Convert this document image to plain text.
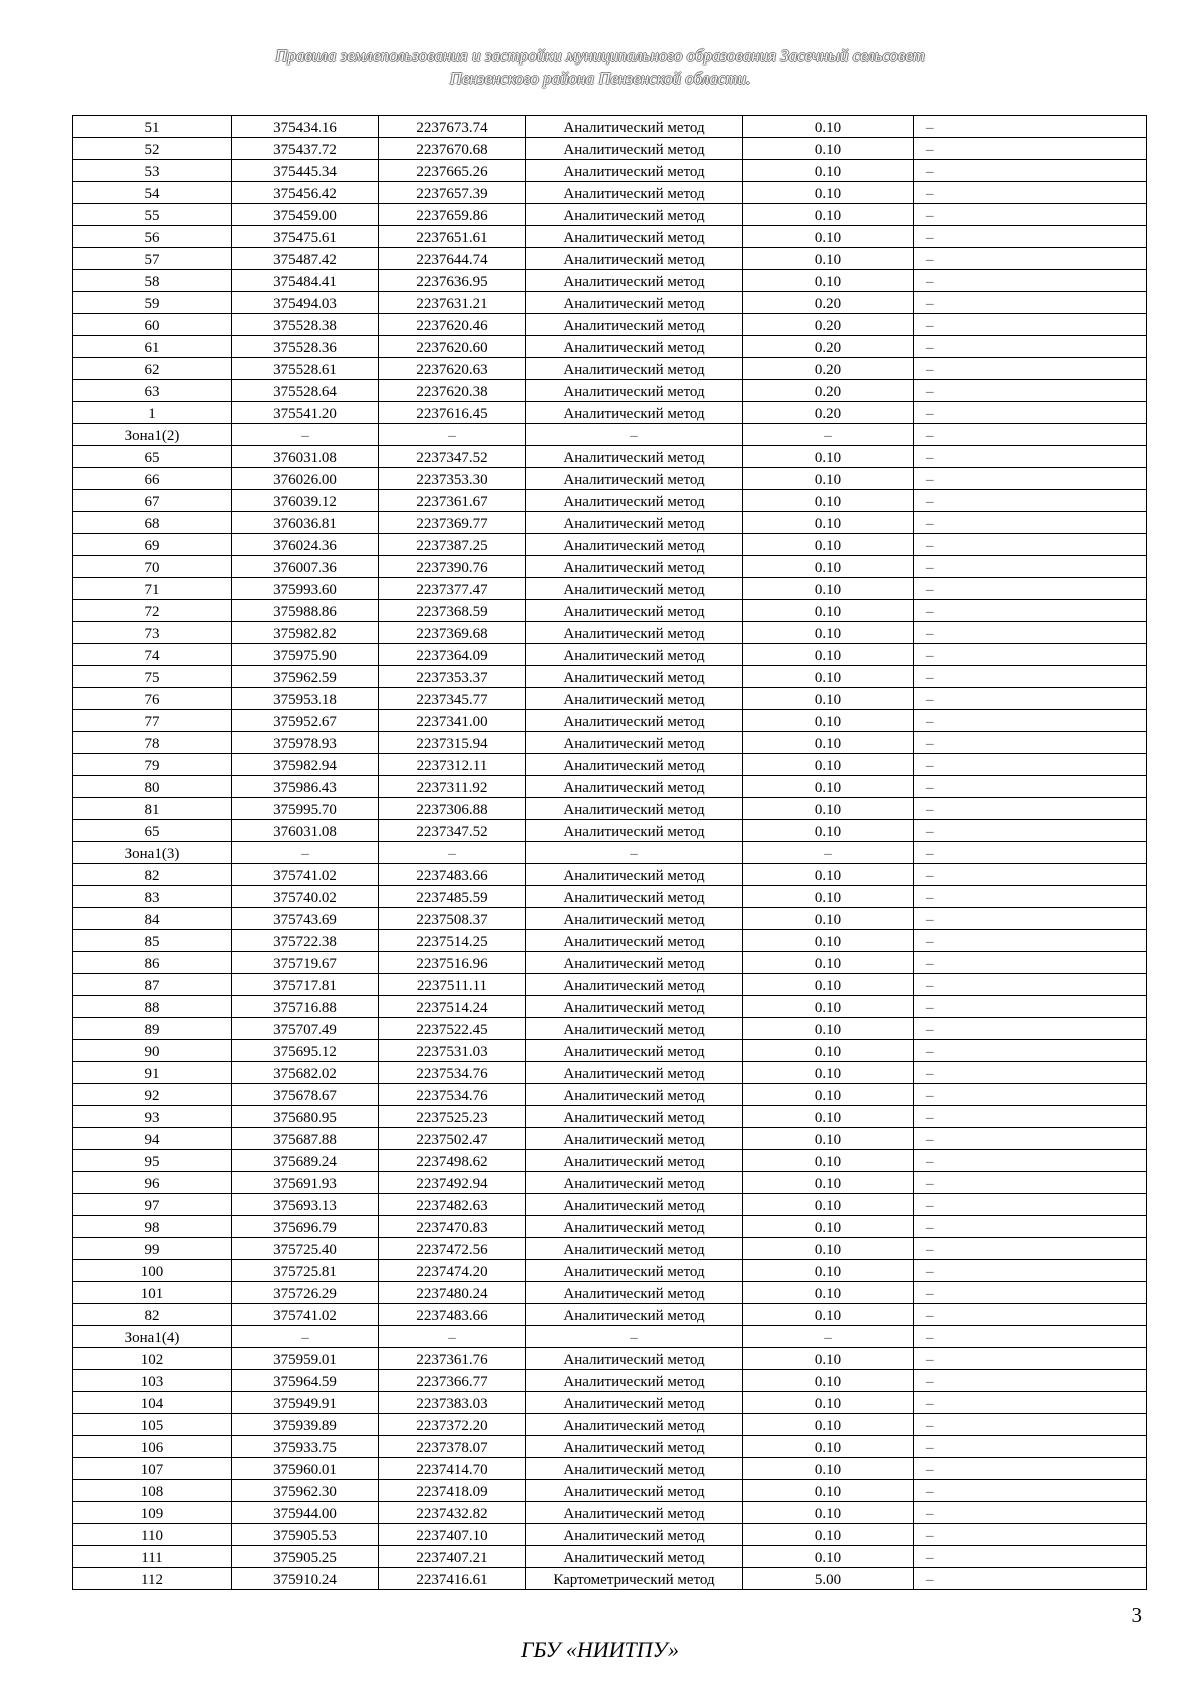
Правила землепользования и застройки муниципального образования Засечный сельсовет
Пензенского района Пензенской области.
51	375434.16	2237673.74	Аналитический метод	0.10	–
52	375437.72	2237670.68	Аналитический метод	0.10	–
53	375445.34	2237665.26	Аналитический метод	0.10	–
54	375456.42	2237657.39	Аналитический метод	0.10	–
55	375459.00	2237659.86	Аналитический метод	0.10	–
56	375475.61	2237651.61	Аналитический метод	0.10	–
57	375487.42	2237644.74	Аналитический метод	0.10	–
58	375484.41	2237636.95	Аналитический метод	0.10	–
59	375494.03	2237631.21	Аналитический метод	0.20	–
60	375528.38	2237620.46	Аналитический метод	0.20	–
61	375528.36	2237620.60	Аналитический метод	0.20	–
62	375528.61	2237620.63	Аналитический метод	0.20	–
63	375528.64	2237620.38	Аналитический метод	0.20	–
1	375541.20	2237616.45	Аналитический метод	0.20	–
Зона1(2)	–	–	–	–	–
65	376031.08	2237347.52	Аналитический метод	0.10	–
66	376026.00	2237353.30	Аналитический метод	0.10	–
67	376039.12	2237361.67	Аналитический метод	0.10	–
68	376036.81	2237369.77	Аналитический метод	0.10	–
69	376024.36	2237387.25	Аналитический метод	0.10	–
70	376007.36	2237390.76	Аналитический метод	0.10	–
71	375993.60	2237377.47	Аналитический метод	0.10	–
72	375988.86	2237368.59	Аналитический метод	0.10	–
73	375982.82	2237369.68	Аналитический метод	0.10	–
74	375975.90	2237364.09	Аналитический метод	0.10	–
75	375962.59	2237353.37	Аналитический метод	0.10	–
76	375953.18	2237345.77	Аналитический метод	0.10	–
77	375952.67	2237341.00	Аналитический метод	0.10	–
78	375978.93	2237315.94	Аналитический метод	0.10	–
79	375982.94	2237312.11	Аналитический метод	0.10	–
80	375986.43	2237311.92	Аналитический метод	0.10	–
81	375995.70	2237306.88	Аналитический метод	0.10	–
65	376031.08	2237347.52	Аналитический метод	0.10	–
Зона1(3)	–	–	–	–	–
82	375741.02	2237483.66	Аналитический метод	0.10	–
83	375740.02	2237485.59	Аналитический метод	0.10	–
84	375743.69	2237508.37	Аналитический метод	0.10	–
85	375722.38	2237514.25	Аналитический метод	0.10	–
86	375719.67	2237516.96	Аналитический метод	0.10	–
87	375717.81	2237511.11	Аналитический метод	0.10	–
88	375716.88	2237514.24	Аналитический метод	0.10	–
89	375707.49	2237522.45	Аналитический метод	0.10	–
90	375695.12	2237531.03	Аналитический метод	0.10	–
91	375682.02	2237534.76	Аналитический метод	0.10	–
92	375678.67	2237534.76	Аналитический метод	0.10	–
93	375680.95	2237525.23	Аналитический метод	0.10	–
94	375687.88	2237502.47	Аналитический метод	0.10	–
95	375689.24	2237498.62	Аналитический метод	0.10	–
96	375691.93	2237492.94	Аналитический метод	0.10	–
97	375693.13	2237482.63	Аналитический метод	0.10	–
98	375696.79	2237470.83	Аналитический метод	0.10	–
99	375725.40	2237472.56	Аналитический метод	0.10	–
100	375725.81	2237474.20	Аналитический метод	0.10	–
101	375726.29	2237480.24	Аналитический метод	0.10	–
82	375741.02	2237483.66	Аналитический метод	0.10	–
Зона1(4)	–	–	–	–	–
102	375959.01	2237361.76	Аналитический метод	0.10	–
103	375964.59	2237366.77	Аналитический метод	0.10	–
104	375949.91	2237383.03	Аналитический метод	0.10	–
105	375939.89	2237372.20	Аналитический метод	0.10	–
106	375933.75	2237378.07	Аналитический метод	0.10	–
107	375960.01	2237414.70	Аналитический метод	0.10	–
108	375962.30	2237418.09	Аналитический метод	0.10	–
109	375944.00	2237432.82	Аналитический метод	0.10	–
110	375905.53	2237407.10	Аналитический метод	0.10	–
111	375905.25	2237407.21	Аналитический метод	0.10	–
112	375910.24	2237416.61	Картометрический метод	5.00	–
3
ГБУ «НИИТПУ»
